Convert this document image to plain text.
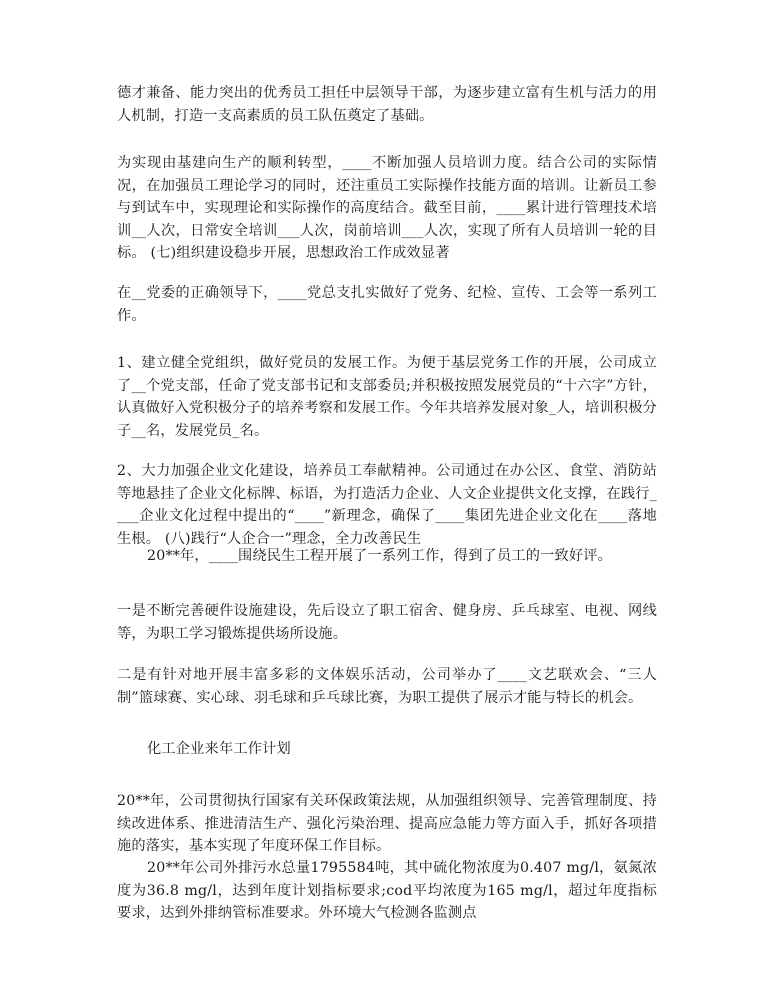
德才兼备、能力突出的优秀员工担任中层领导干部，为逐步建立富有生机与活力的用人机制，打造一支高素质的员工队伍奠定了基础。

为实现由基建向生产的顺利转型，____不断加强人员培训力度。结合公司的实际情况，在加强员工理论学习的同时，还注重员工实际操作技能方面的培训。让新员工参与到试车中，实现理论和实际操作的高度结合。截至目前，____累计进行管理技术培训__人次，日常安全培训___人次，岗前培训___人次，实现了所有人员培训一轮的目标。 (七)组织建设稳步开展，思想政治工作成效显著

在__党委的正确领导下，____党总支扎实做好了党务、纪检、宣传、工会等一系列工作。

1、建立健全党组织，做好党员的发展工作。为便于基层党务工作的开展，公司成立了__个党支部，任命了党支部书记和支部委员;并积极按照发展党员的“十六字”方针，认真做好入党积极分子的培养考察和发展工作。今年共培养发展对象_人，培训积极分子__名，发展党员_名。

2、大力加强企业文化建设，培养员工奉献精神。公司通过在办公区、食堂、消防站等地悬挂了企业文化标牌、标语，为打造活力企业、人文企业提供文化支撑，在践行____企业文化过程中提出的“____”新理念，确保了____集团先进企业文化在____落地生根。 (八)践行“人企合一”理念，全力改善民生

20**年，____围绕民生工程开展了一系列工作，得到了员工的一致好评。

一是不断完善硬件设施建设，先后设立了职工宿舍、健身房、乒乓球室、电视、网线等，为职工学习锻炼提供场所设施。

二是有针对地开展丰富多彩的文体娱乐活动，公司举办了____文艺联欢会、“三人制”篮球赛、实心球、羽毛球和乒乓球比赛，为职工提供了展示才能与特长的机会。

化工企业来年工作计划

20**年，公司贯彻执行国家有关环保政策法规，从加强组织领导、完善管理制度、持续改进体系、推进清洁生产、强化污染治理、提高应急能力等方面入手，抓好各项措施的落实，基本实现了年度环保工作目标。

20**年公司外排污水总量1795584吨，其中硫化物浓度为0.407 mg/l，氨氮浓度为36.8 mg/l，达到年度计划指标要求;cod平均浓度为165 mg/l，超过年度指标要求，达到外排纳管标准要求。外环境大气检测各监测点
